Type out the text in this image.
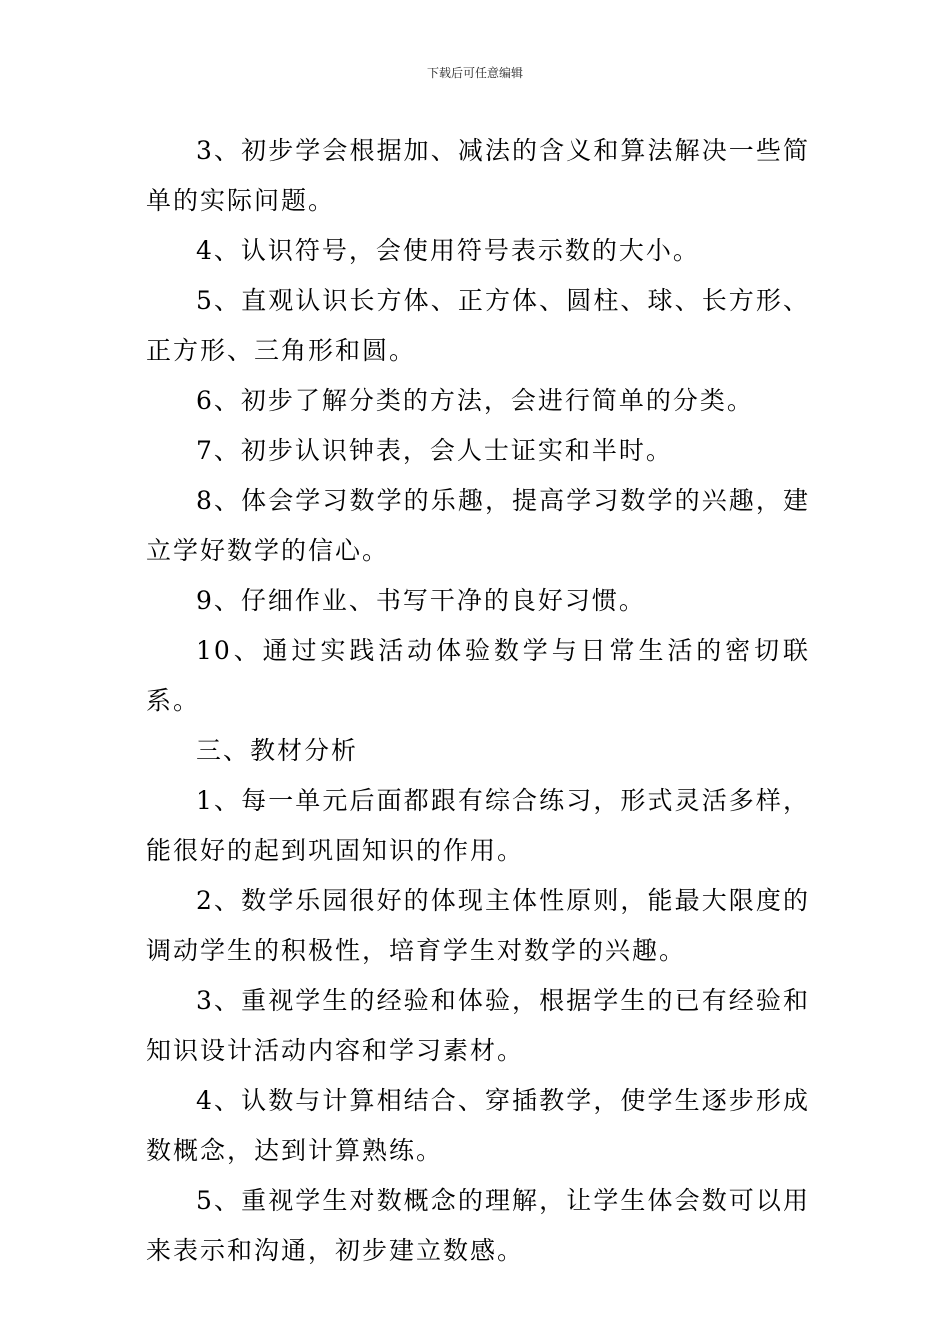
下载后可任意编辑

3、初步学会根据加、减法的含义和算法解决一些简单的实际问题。

4、认识符号，会使用符号表示数的大小。

5、直观认识长方体、正方体、圆柱、球、长方形、正方形、三角形和圆。

6、初步了解分类的方法，会进行简单的分类。

7、初步认识钟表，会人士证实和半时。

8、体会学习数学的乐趣，提高学习数学的兴趣，建立学好数学的信心。

9、仔细作业、书写干净的良好习惯。

10、通过实践活动体验数学与日常生活的密切联系。

三、教材分析

1、每一单元后面都跟有综合练习，形式灵活多样，能很好的起到巩固知识的作用。

2、数学乐园很好的体现主体性原则，能最大限度的调动学生的积极性，培育学生对数学的兴趣。

3、重视学生的经验和体验，根据学生的已有经验和知识设计活动内容和学习素材。

4、认数与计算相结合、穿插教学，使学生逐步形成数概念，达到计算熟练。

5、重视学生对数概念的理解，让学生体会数可以用来表示和沟通，初步建立数感。
